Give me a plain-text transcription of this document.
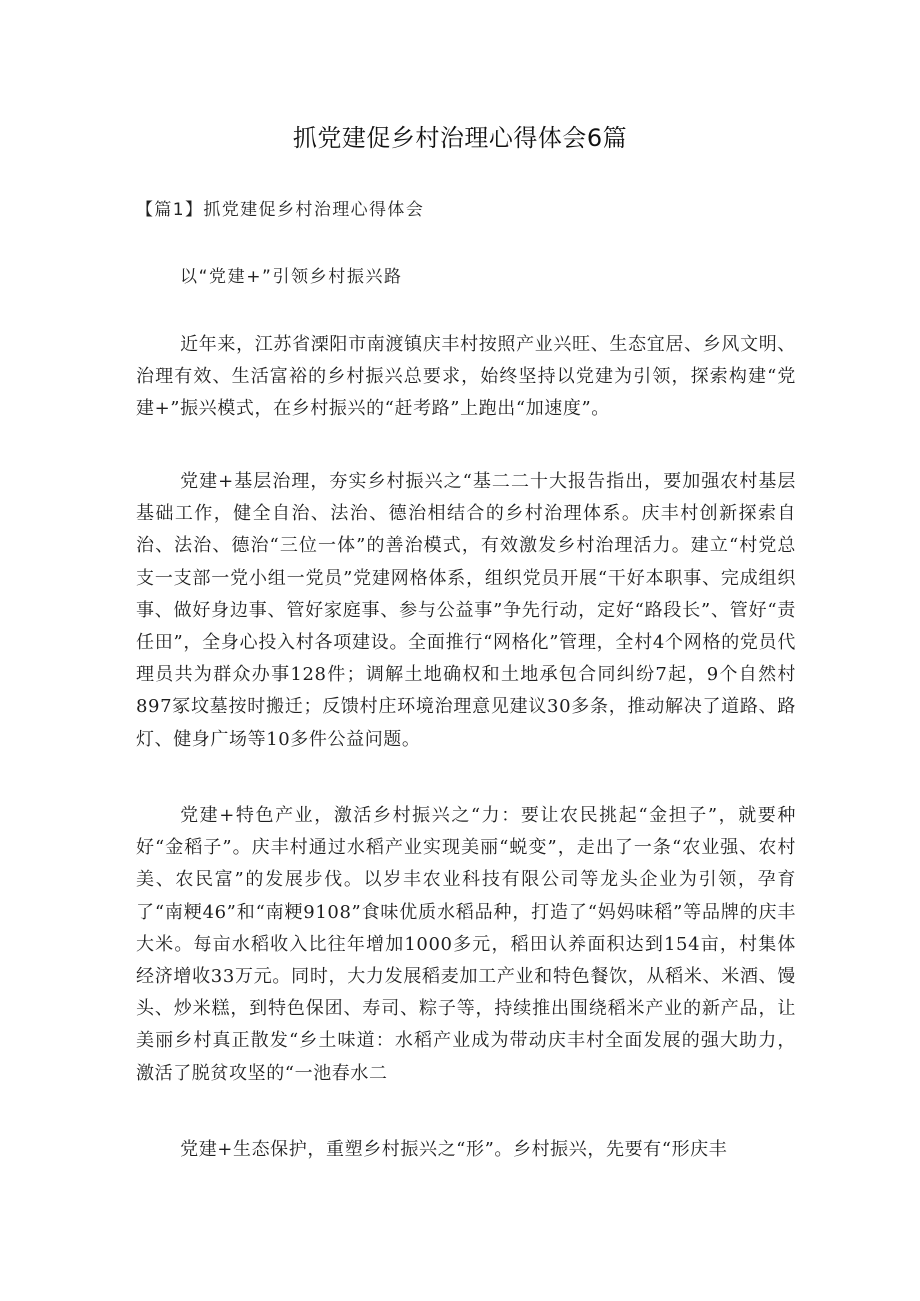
抓党建促乡村治理心得体会6篇
【篇1】抓党建促乡村治理心得体会
以“党建+”引领乡村振兴路

近年来，江苏省溧阳市南渡镇庆丰村按照产业兴旺、生态宜居、乡风文明、治理有效、生活富裕的乡村振兴总要求，始终坚持以党建为引领，探索构建“党建+”振兴模式，在乡村振兴的“赶考路”上跑出“加速度”。

党建+基层治理，夯实乡村振兴之“基二二十大报告指出，要加强农村基层基础工作，健全自治、法治、德治相结合的乡村治理体系。庆丰村创新探索自治、法治、德治“三位一体”的善治模式，有效激发乡村治理活力。建立“村党总支一支部一党小组一党员”党建网格体系，组织党员开展“干好本职事、完成组织事、做好身边事、管好家庭事、参与公益事”争先行动，定好“路段长”、管好“责任田”，全身心投入村各项建设。全面推行“网格化”管理，全村4个网格的党员代理员共为群众办事128件；调解土地确权和土地承包合同纠纷7起，9个自然村897冢坟墓按时搬迁；反馈村庄环境治理意见建议30多条，推动解决了道路、路灯、健身广场等10多件公益问题。

党建+特色产业，激活乡村振兴之“力：要让农民挑起“金担子”，就要种好“金稻子”。庆丰村通过水稻产业实现美丽“蜕变”，走出了一条“农业强、农村美、农民富”的发展步伐。以岁丰农业科技有限公司等龙头企业为引领，孕育了“南粳46”和“南粳9108”食味优质水稻品种，打造了“妈妈味稻”等品牌的庆丰大米。每亩水稻收入比往年增加1000多元，稻田认养面积达到154亩，村集体经济增收33万元。同时，大力发展稻麦加工产业和特色餐饮，从稻米、米酒、馒头、炒米糕，到特色保团、寿司、粽子等，持续推出围绕稻米产业的新产品，让美丽乡村真正散发“乡土味道：水稻产业成为带动庆丰村全面发展的强大助力，激活了脱贫攻坚的“一池春水二

党建+生态保护，重塑乡村振兴之“形”。乡村振兴，先要有“形庆丰
